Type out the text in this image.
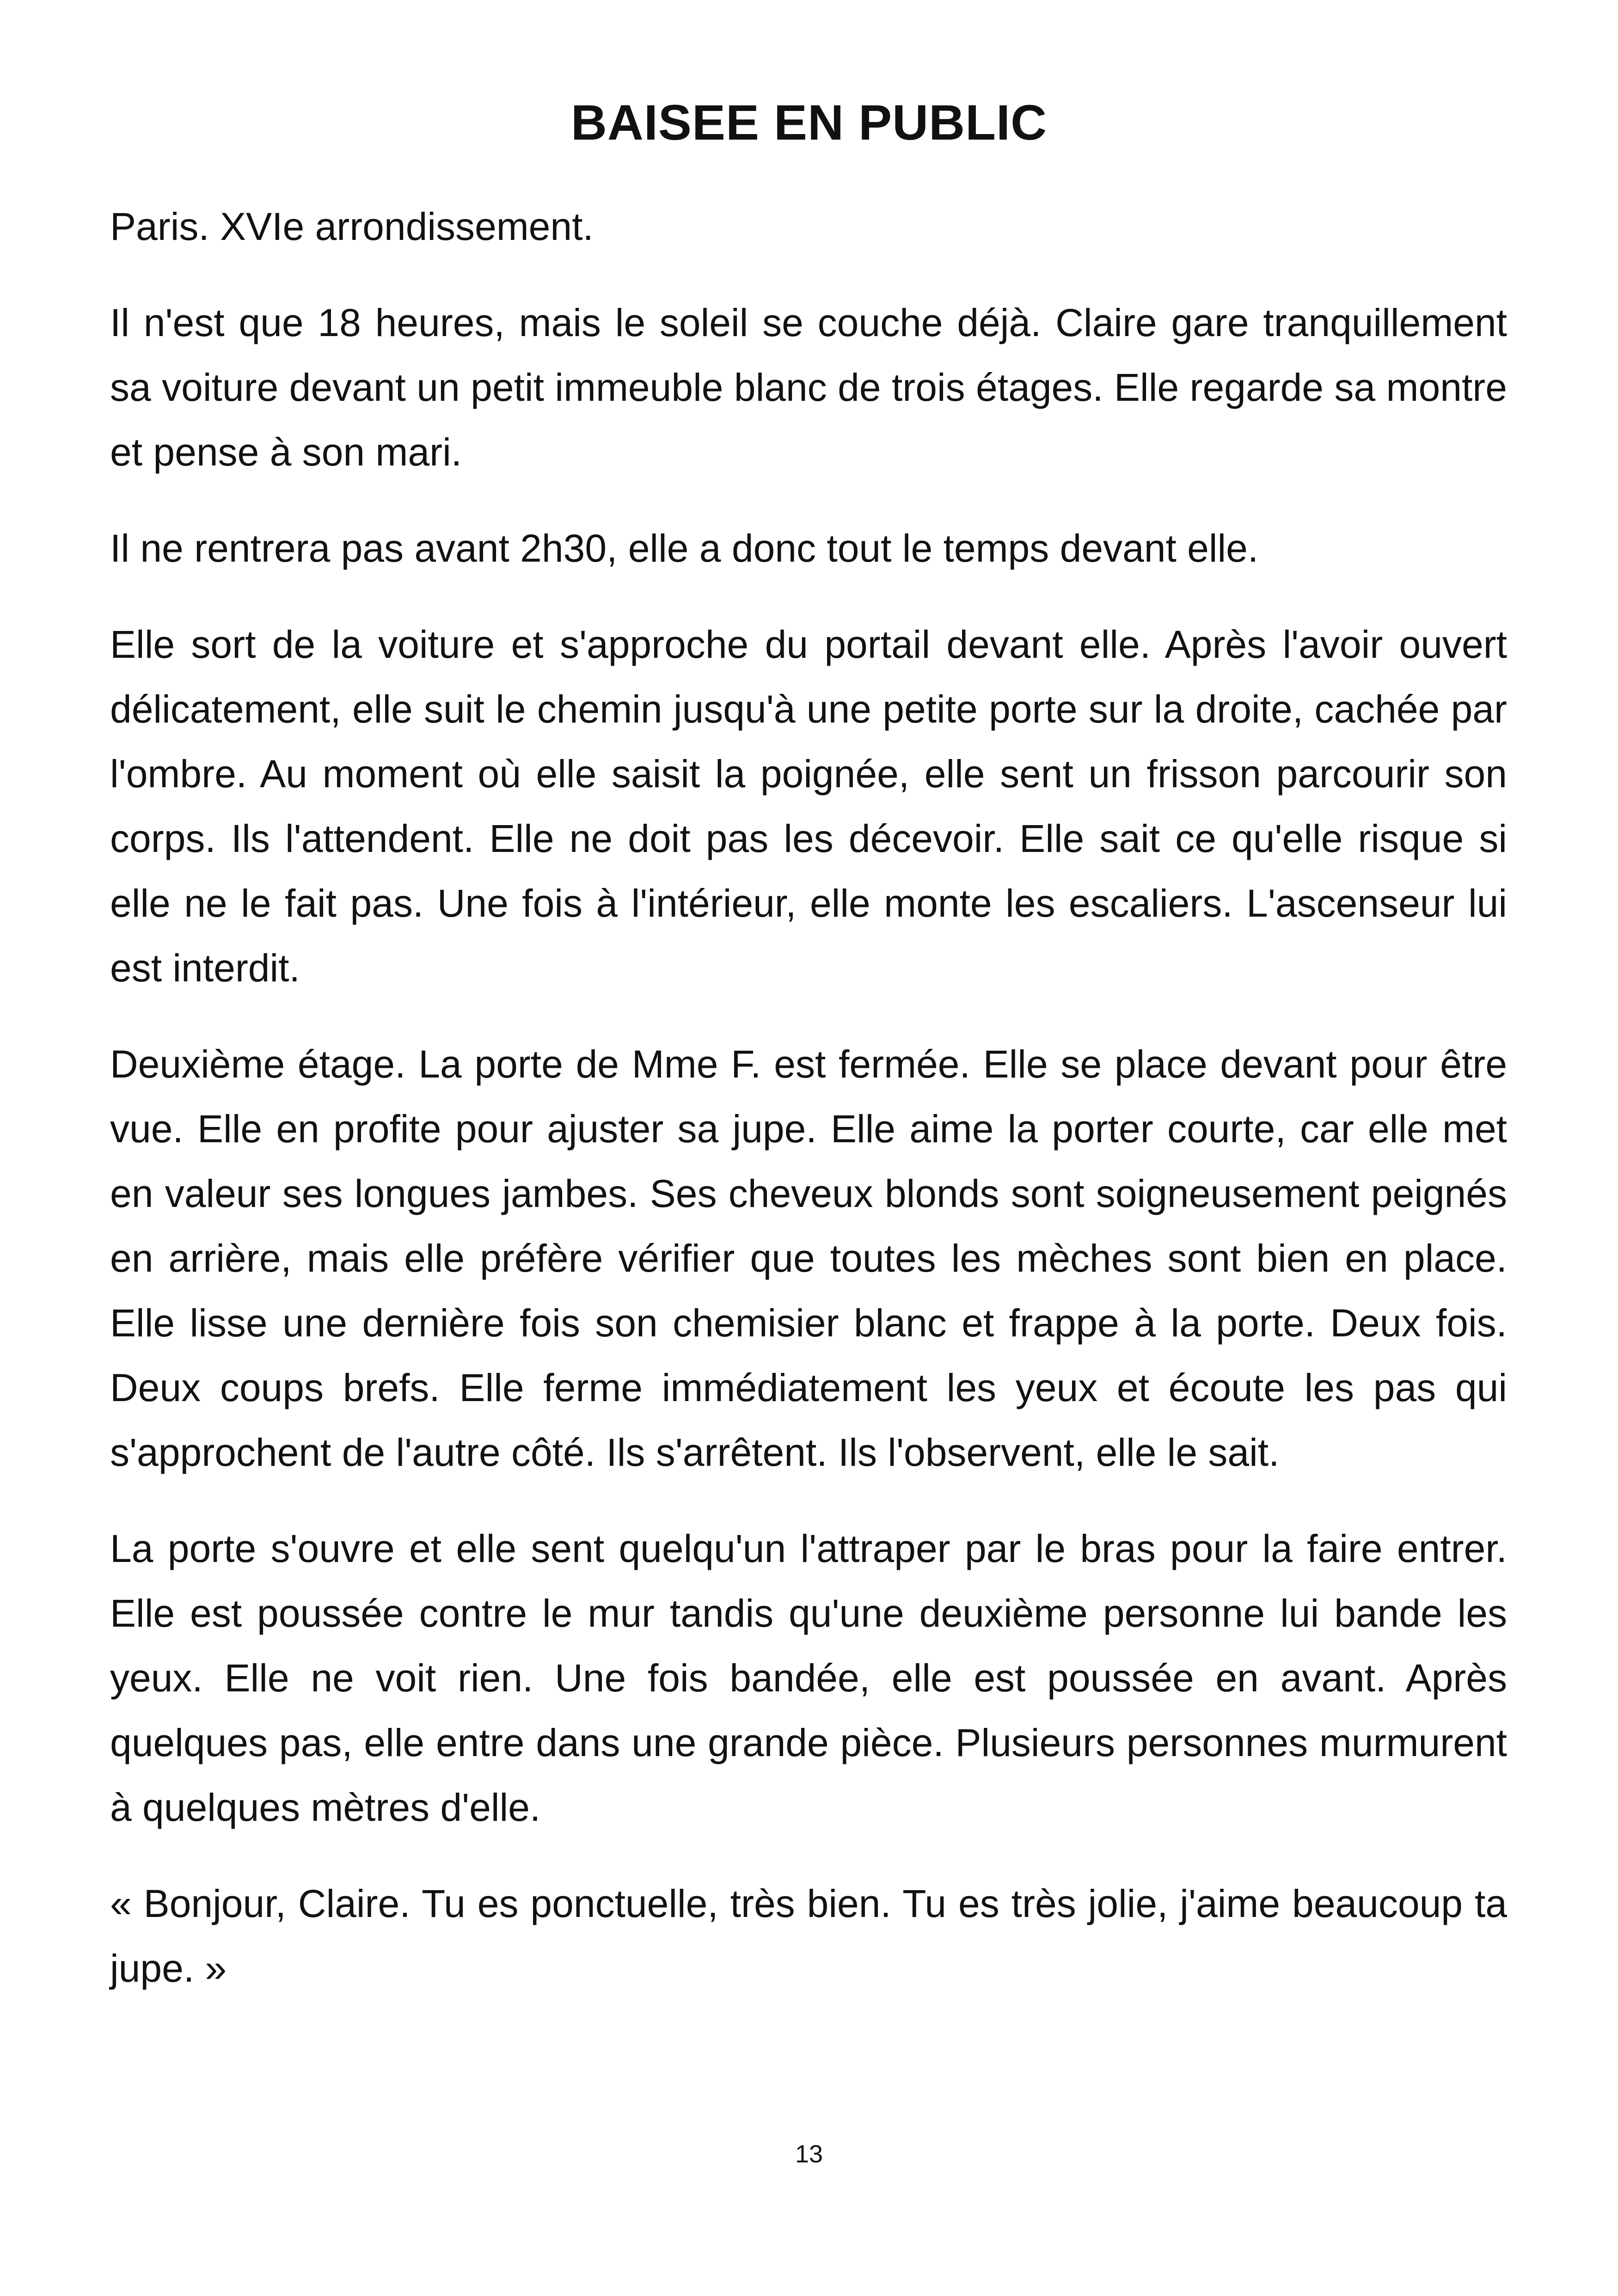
BAISEE EN PUBLIC

Paris. XVIe arrondissement.

Il n'est que 18 heures, mais le soleil se couche déjà. Claire gare tranquillement sa voiture devant un petit immeuble blanc de trois étages. Elle regarde sa montre et pense à son mari.

Il ne rentrera pas avant 2h30, elle a donc tout le temps devant elle.

Elle sort de la voiture et s'approche du portail devant elle. Après l'avoir ouvert délicatement, elle suit le chemin jusqu'à une petite porte sur la droite, cachée par l'ombre. Au moment où elle saisit la poignée, elle sent un frisson parcourir son corps. Ils l'attendent. Elle ne doit pas les décevoir. Elle sait ce qu'elle risque si elle ne le fait pas. Une fois à l'intérieur, elle monte les escaliers. L'ascenseur lui est interdit.

Deuxième étage. La porte de Mme F. est fermée. Elle se place devant pour être vue. Elle en profite pour ajuster sa jupe. Elle aime la porter courte, car elle met en valeur ses longues jambes. Ses cheveux blonds sont soigneusement peignés en arrière, mais elle préfère vérifier que toutes les mèches sont bien en place. Elle lisse une dernière fois son chemisier blanc et frappe à la porte. Deux fois. Deux coups brefs. Elle ferme immédiatement les yeux et écoute les pas qui s'approchent de l'autre côté. Ils s'arrêtent. Ils l'observent, elle le sait.

La porte s'ouvre et elle sent quelqu'un l'attraper par le bras pour la faire entrer. Elle est poussée contre le mur tandis qu'une deuxième personne lui bande les yeux. Elle ne voit rien. Une fois bandée, elle est poussée en avant. Après quelques pas, elle entre dans une grande pièce. Plusieurs personnes murmurent à quelques mètres d'elle.

« Bonjour, Claire. Tu es ponctuelle, très bien. Tu es très jolie, j'aime beaucoup ta jupe. »

13
